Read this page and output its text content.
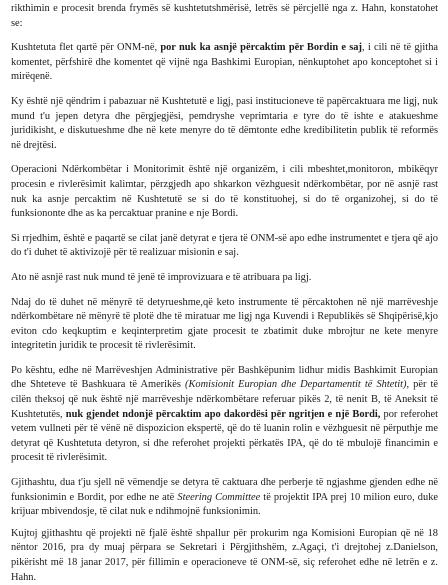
rikthimin e procesit brenda frymës së kushtetutshmërisë, letrës së përcjellë nga z. Hahn, konstatohet se:

Kushtetuta flet qartë për ONM-në, por nuk ka asnjë përcaktim për Bordin e saj, i cili në të gjitha komentet, përfshirë dhe komentet që vijnë nga Bashkimi Europian, nënkuptohet apo konceptohet si i mirëqenë.

Ky është një qëndrim i pabazuar në Kushtetutë e ligj, pasi institucioneve të papërcaktuara me ligj, nuk mund t'u jepen detyra dhe përgjegjësi, pemdryshe veprimtaria e tyre do të ishte e atakueshme juridikisht, e diskutueshme dhe në kete menyre do të dëmtonte edhe kredibilitetin publik të reformës në drejtësi.

Operacioni Ndërkombëtar i Monitorimit është një organizëm, i cili mbeshtet,monitoron, mbikëqyr procesin e rivlerësimit kalimtar, përzgjedh apo shkarkon vëzhguesit ndërkombëtar, por në asnjë rast nuk ka asnje percaktim në Kushtetutë se si do të konstituohej, si do të organizohej, si do të funksiononte dhe as ka percaktuar pranine e nje Bordi.

Si rrjedhim, është e paqartë se cilat janë detyrat e tjera të ONM-së apo edhe instrumentet e tjera që ajo do t'i duhet të aktivizojë për të realizuar misionin e saj.

Ato në asnjë rast nuk mund të jenë të improvizuara e të atribuara pa ligj.

Ndaj do të duhet në mënyrë të detyrueshme,që keto instrumente të përcaktohen në një marrëveshje ndërkombëtare në mënyrë të plotë dhe të miratuar me ligj nga Kuvendi i Republikës së Shqipërisë,kjo eviton cdo keqkuptim e keqinterpretim gjate procesit te zbatimit duke mbrojtur ne kete menyre integritetin juridik te procesit të rivlerësimit.

Po kështu, edhe në Marrëveshjen Administrative për Bashkëpunim lidhur midis Bashkimit Europian dhe Shteteve të Bashkuara të Amerikës (Komisionit Europian dhe Departamentit të Shtetit), për të cilën theksoj që nuk është një marrëveshje ndërkombëtare referuar pikës 2, të nenit B, të Aneksit të Kushtetutës, nuk gjendet ndonjë përcaktim apo dakordësi për ngritjen e një Bordi, por referohet vetem vullneti për të vënë në dispozicion ekspertë, që do të luanin rolin e vëzhguesit në përputhje me detyrat që Kushtetuta detyron, si dhe referohet projekti përkatës IPA, që do të mbulojë financimin e procesit të rivlerësimit.

Gjithashtu, dua t'ju sjell në vëmendje se detyra të caktuara dhe perberje të ngjashme gjenden edhe në funksionimin e Bordit, por edhe ne atë Steering Committee të projektit IPA prej 10 milion euro, duke krijuar mbivendosje, të cilat nuk e ndihmojnë funksionimin.

Kujtoj gjithashtu që projekti në fjalë është shpallur për prokurim nga Komisioni Europian që në 18 nëntor 2016, pra dy muaj përpara se Sekretari i Përgjithshëm, z.Agaçi, t'i drejtohej z.Danielson, pikërisht më 18 janar 2017, për fillimin e operacioneve të ONM-së, siç referohet edhe në letrën e z. Hahn.
